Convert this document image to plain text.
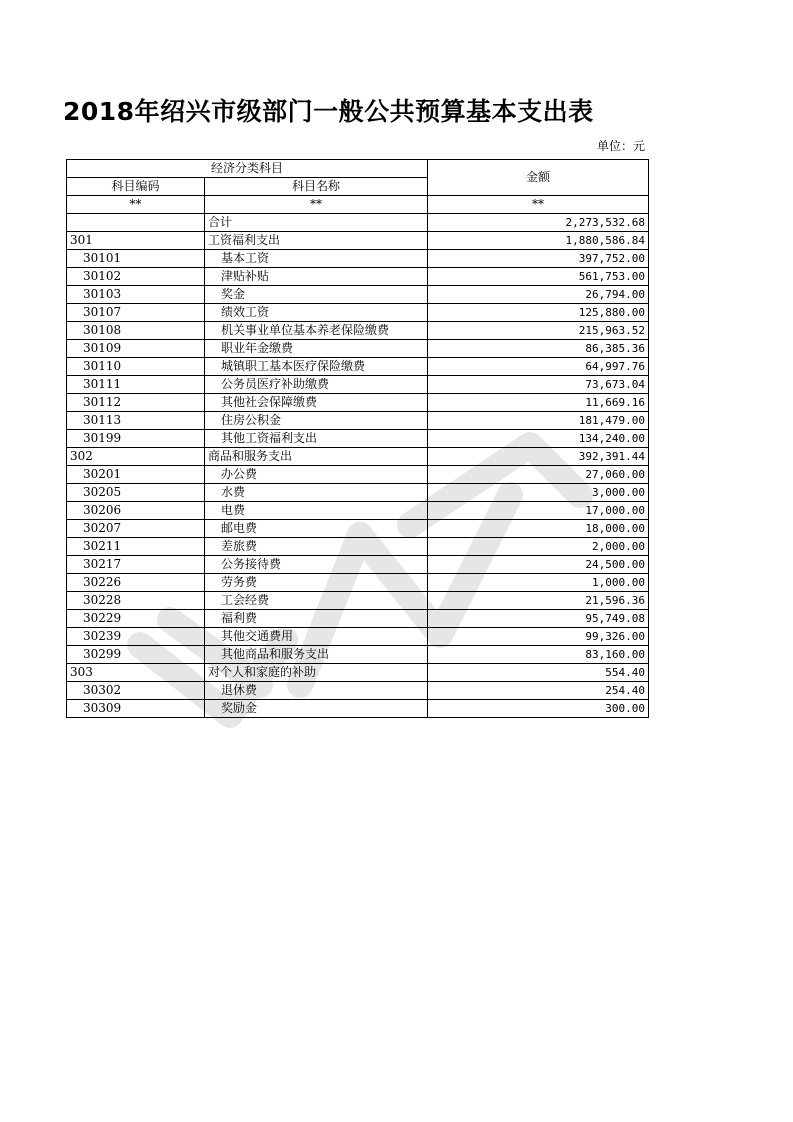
2018年绍兴市级部门一般公共预算基本支出表
单位：元
经济分类科目		金额
科目编码	科目名称	
**	**	**
	合计	2,273,532.68
301	工资福利支出	1,880,586.84
30101	基本工资	397,752.00
30102	津贴补贴	561,753.00
30103	奖金	26,794.00
30107	绩效工资	125,880.00
30108	机关事业单位基本养老保险缴费	215,963.52
30109	职业年金缴费	86,385.36
30110	城镇职工基本医疗保险缴费	64,997.76
30111	公务员医疗补助缴费	73,673.04
30112	其他社会保障缴费	11,669.16
30113	住房公积金	181,479.00
30199	其他工资福利支出	134,240.00
302	商品和服务支出	392,391.44
30201	办公费	27,060.00
30205	水费	3,000.00
30206	电费	17,000.00
30207	邮电费	18,000.00
30211	差旅费	2,000.00
30217	公务接待费	24,500.00
30226	劳务费	1,000.00
30228	工会经费	21,596.36
30229	福利费	95,749.08
30239	其他交通费用	99,326.00
30299	其他商品和服务支出	83,160.00
303	对个人和家庭的补助	554.40
30302	退休费	254.40
30309	奖励金	300.00
